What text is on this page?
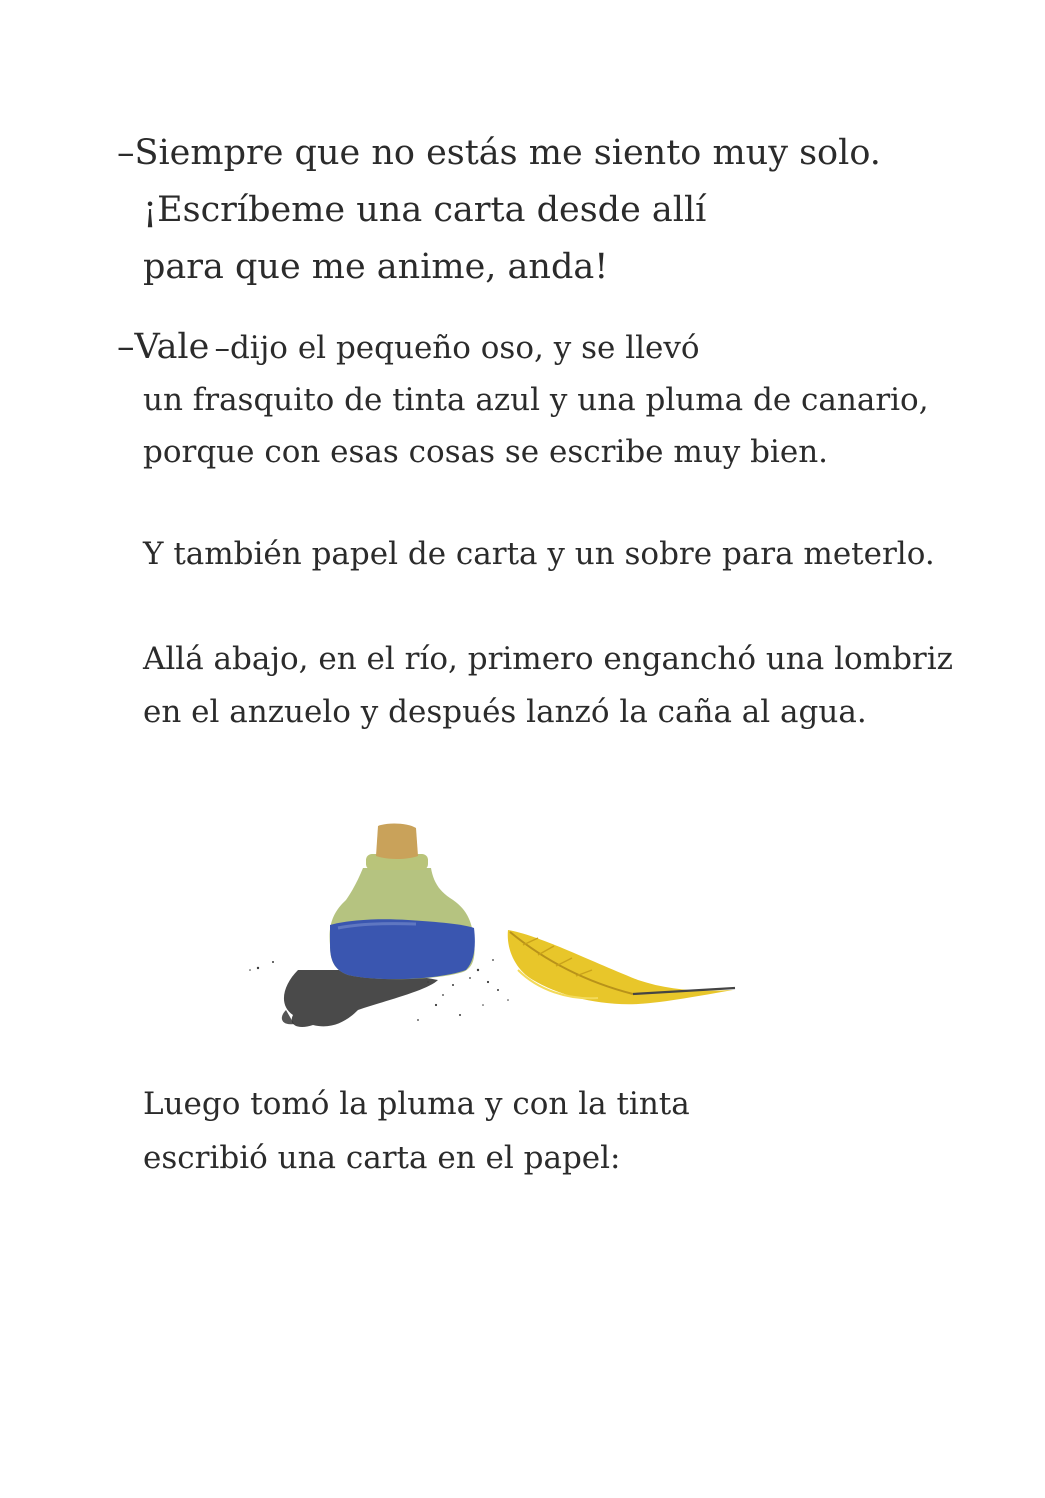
–Siempre que no estás me siento muy solo.
¡Escríbeme una carta desde allí
para que me anime, anda!
–Vale –dijo el pequeño oso, y se llevó
un frasquito de tinta azul y una pluma de canario,
porque con esas cosas se escribe muy bien.
Y también papel de carta y un sobre para meterlo.
Allá abajo, en el río, primero enganchó una lombriz
en el anzuelo y después lanzó la caña al agua.
Luego tomó la pluma y con la tinta
escribió una carta en el papel:
